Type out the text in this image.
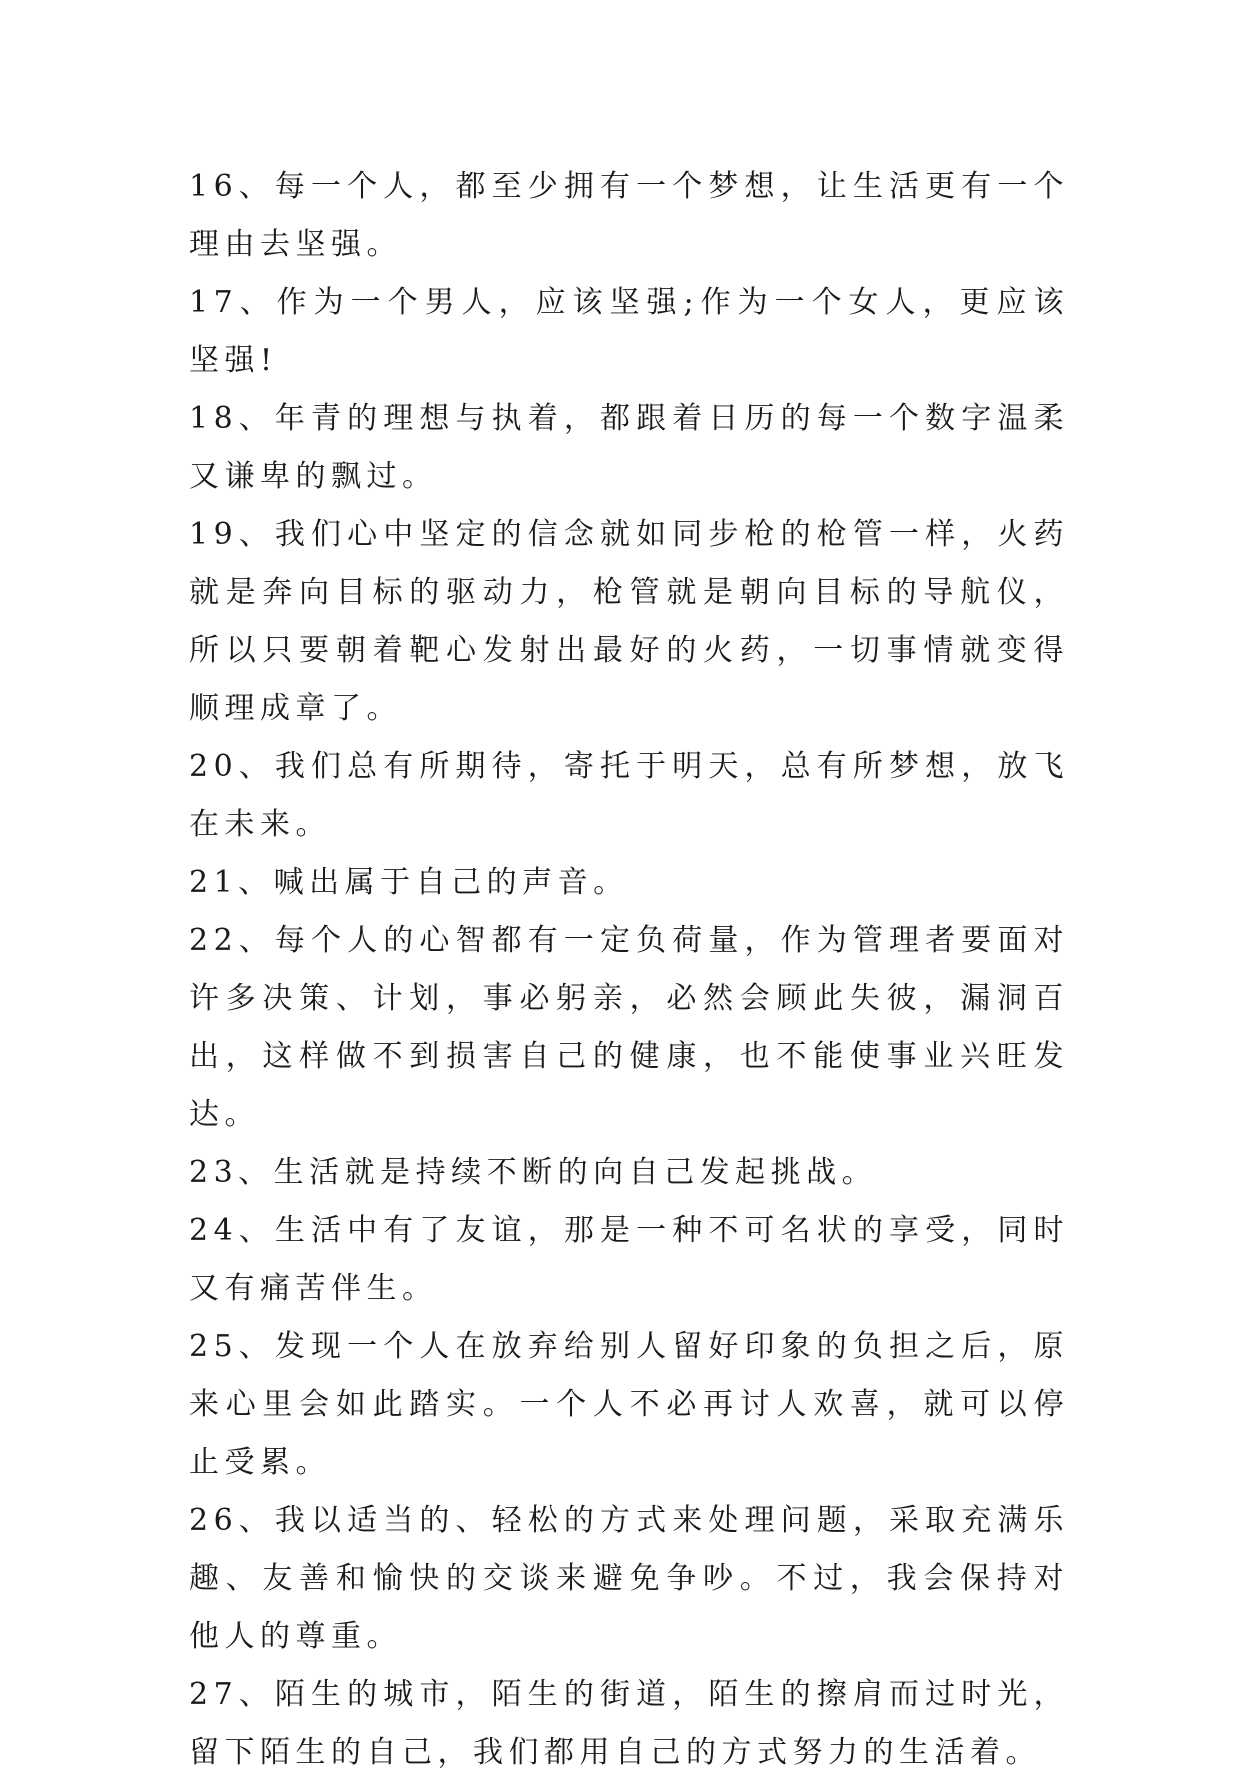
16、每一个人，都至少拥有一个梦想，让生活更有一个理由去坚强。

17、作为一个男人，应该坚强;作为一个女人，更应该坚强!

18、年青的理想与执着，都跟着日历的每一个数字温柔又谦卑的飘过。

19、我们心中坚定的信念就如同步枪的枪管一样，火药就是奔向目标的驱动力，枪管就是朝向目标的导航仪，所以只要朝着靶心发射出最好的火药，一切事情就变得顺理成章了。

20、我们总有所期待，寄托于明天，总有所梦想，放飞在未来。

21、喊出属于自己的声音。

22、每个人的心智都有一定负荷量，作为管理者要面对许多决策、计划，事必躬亲，必然会顾此失彼，漏洞百出，这样做不到损害自己的健康，也不能使事业兴旺发达。

23、生活就是持续不断的向自己发起挑战。

24、生活中有了友谊，那是一种不可名状的享受，同时又有痛苦伴生。

25、发现一个人在放弃给别人留好印象的负担之后，原来心里会如此踏实。一个人不必再讨人欢喜，就可以停止受累。

26、我以适当的、轻松的方式来处理问题，采取充满乐趣、友善和愉快的交谈来避免争吵。不过，我会保持对他人的尊重。

27、陌生的城市，陌生的街道，陌生的擦肩而过时光，留下陌生的自己，我们都用自己的方式努力的生活着。
